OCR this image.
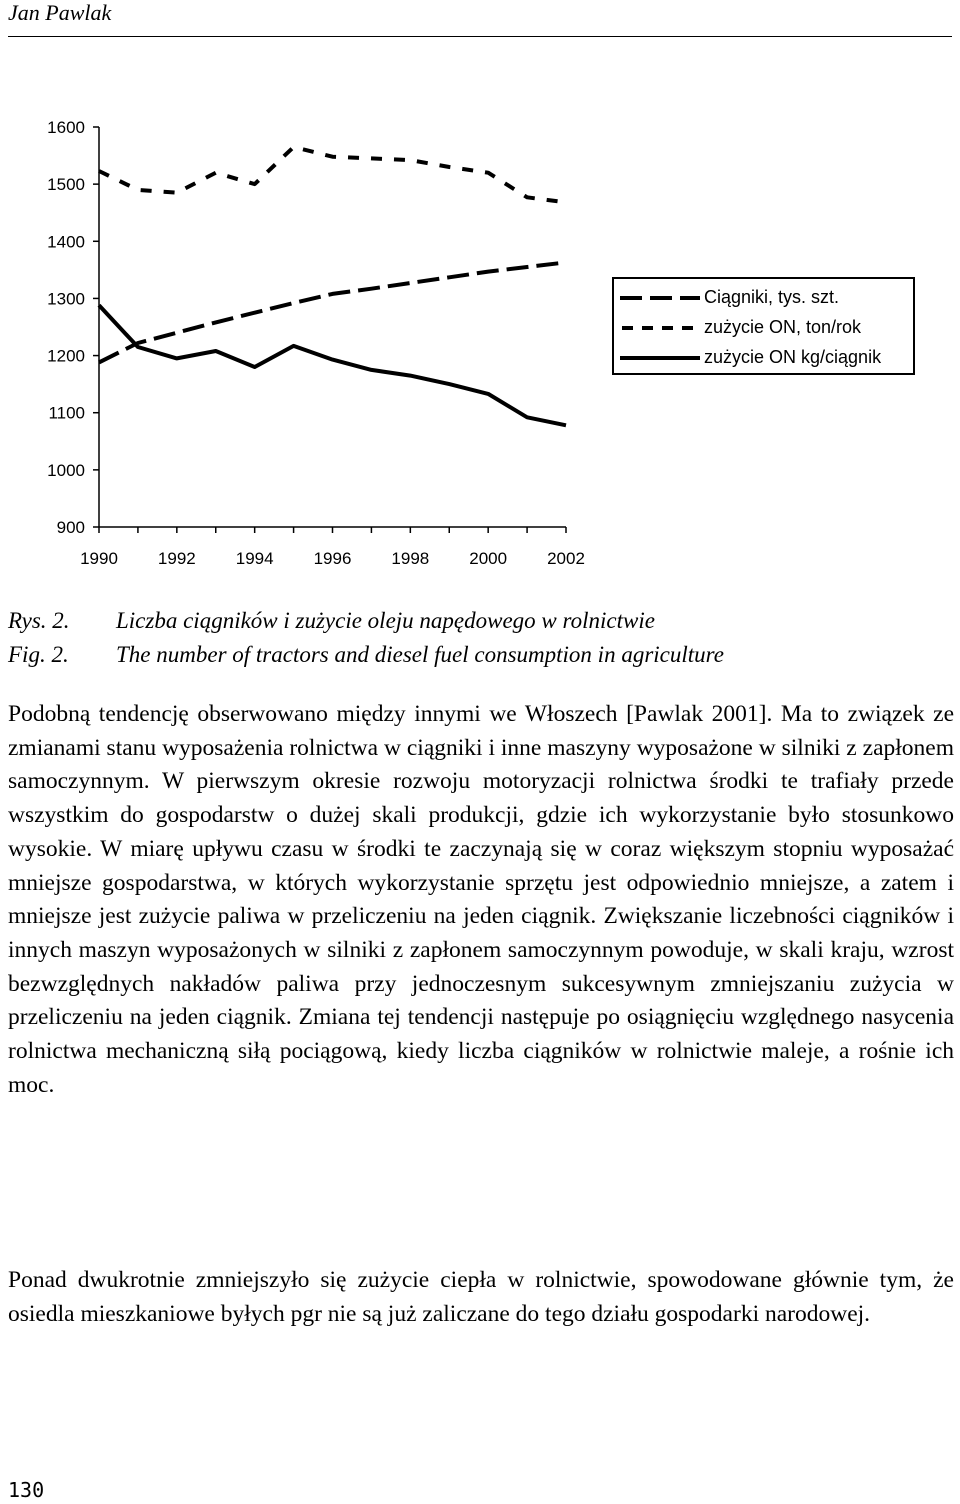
Jan Pawlak
900
1000
1100
1200
1300
1400
1500
1600
1990 1992 1994 1996 1998 2000 2002
Ciągniki, tys. szt.
zużycie ON, ton/rok
zużycie ON kg/ciągnik
Rys. 2. Liczba ciągników i zużycie oleju napędowego w rolnictwie
Fig. 2. The number of tractors and diesel fuel consumption in agriculture

Podobną tendencję obserwowano między innymi we Włoszech [Pawlak 2001]. Ma to związek ze zmianami stanu wyposażenia rolnictwa w ciągniki i inne maszyny wyposażone w silniki z zapłonem samoczynnym. W pierwszym okresie rozwoju motoryzacji rolnictwa środki te trafiały przede wszystkim do gospodarstw o dużej skali produkcji, gdzie ich wykorzystanie było stosunkowo wysokie. W miarę upływu czasu w środki te zaczynają się w coraz większym stopniu wyposażać mniejsze gospodarstwa, w których wykorzystanie sprzętu jest odpowiednio mniejsze, a zatem i mniejsze jest zużycie paliwa w przeliczeniu na jeden ciągnik. Zwiększanie liczebności ciągników i innych maszyn wyposażonych w silniki z zapłonem samoczynnym powoduje, w skali kraju, wzrost bezwzględnych nakładów paliwa przy jednoczesnym sukcesywnym zmniejszaniu zużycia w przeliczeniu na jeden ciągnik. Zmiana tej tendencji następuje po osiągnięciu względnego nasycenia rolnictwa mechaniczną siłą pociągową, kiedy liczba ciągników w rolnictwie maleje, a rośnie ich moc.

Ponad dwukrotnie zmniejszyło się zużycie ciepła w rolnictwie, spowodowane głównie tym, że osiedla mieszkaniowe byłych pgr nie są już zaliczane do tego działu gospodarki narodowej.

130
